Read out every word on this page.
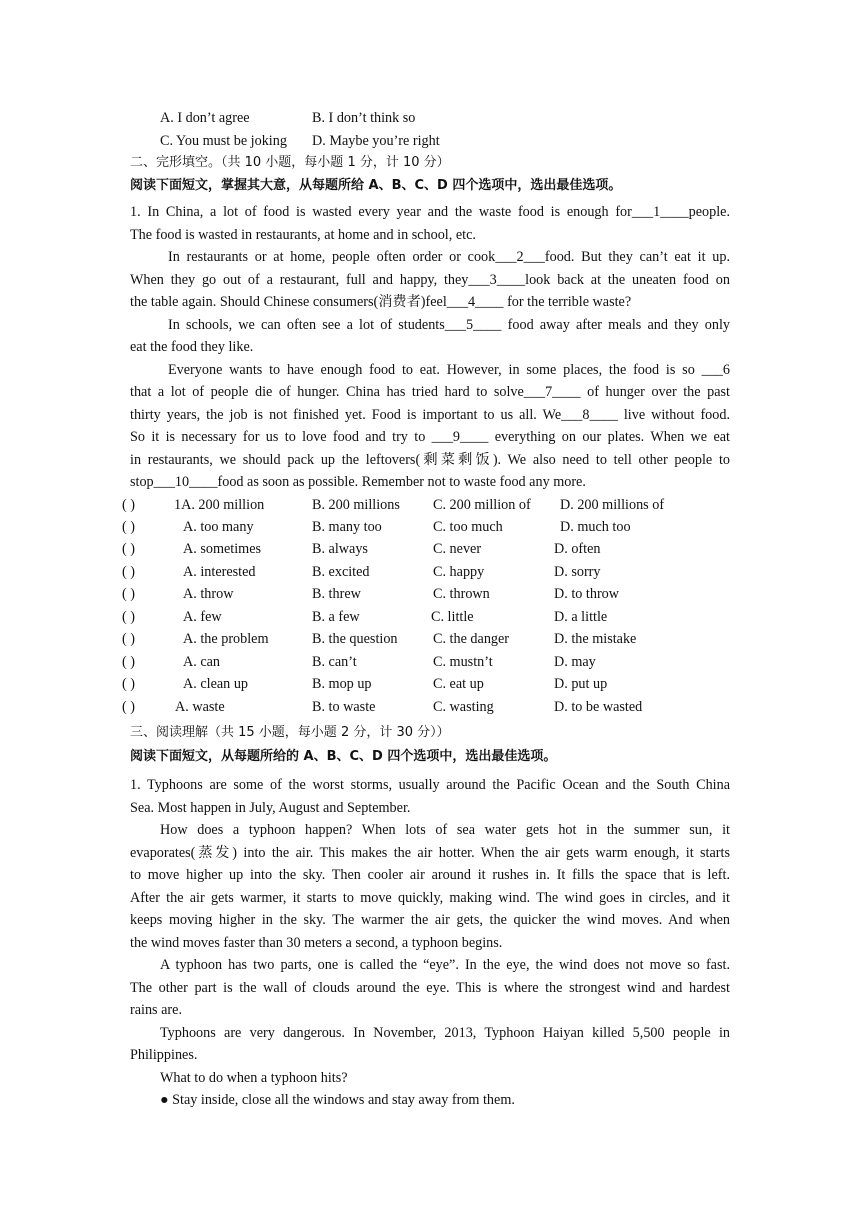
A. I don’t agree	B. I don’t think so
C. You must be joking D. Maybe you’re right
二、完形填空。（共 10 小题，每小题 1 分，计 10 分）
阅读下面短文，掌握其大意，从每题所给 A、B、C、D 四个选项中，选出最佳选项。
1. In China, a lot of food is wasted every year and the waste food is enough for___1____people.
The food is wasted in restaurants, at home and in school, etc.
In restaurants or at home, people often order or cook___2___food. But they can’t eat it up.
When they go out of a restaurant, full and happy, they___3____look back at the uneaten food on
the table again. Should Chinese consumers(消费者)feel___4____ for the terrible waste?
In schools, we can often see a lot of students___5____ food away after meals and they only
eat the food they like.
Everyone wants to have enough food to eat. However, in some places, the food is so ___6
that a lot of people die of hunger. China has tried hard to solve___7____ of hunger over the past
thirty years, the job is not finished yet. Food is important to us all. We___8____ live without food.
So it is necessary for us to love food and try to ___9____ everything on our plates. When we eat
in restaurants, we should pack up the leftovers(剩菜剩饭). We also need to tell other people to
stop___10____food as soon as possible. Remember not to waste food any more.
( )	1A. 200 million	B. 200 millions C. 200 million of D. 200 millions of
( )	A. too many	B. many too	C. too much	D. much too
( )	A. sometimes	B. always	C. never	D. often
( )	A. interested	B. excited	C. happy	D. sorry
( )	A. throw	B. threw	C. thrown	D. to throw
( )	A. few	B. a few	C. little	D. a little
( )	A. the problem	B. the question C. the danger	D. the mistake
( )	A. can	B. can’t	C. mustn’t	D. may
( )	A. clean up	B. mop up	C. eat up	D. put up
( )	A. waste	B. to waste	C. wasting	D. to be wasted
三、阅读理解（共 15 小题，每小题 2 分，计 30 分））
阅读下面短文，从每题所给的 A、B、C、D 四个选项中，选出最佳选项。
1. Typhoons are some of the worst storms, usually around the Pacific Ocean and the South China
Sea. Most happen in July, August and September.
How does a typhoon happen? When lots of sea water gets hot in the summer sun, it
evaporates(蒸发) into the air. This makes the air hotter. When the air gets warm enough, it starts
to move higher up into the sky. Then cooler air around it rushes in. It fills the space that is left.
After the air gets warmer, it starts to move quickly, making wind. The wind goes in circles, and it
keeps moving higher in the sky. The warmer the air gets, the quicker the wind moves. And when
the wind moves faster than 30 meters a second, a typhoon begins.
A typhoon has two parts, one is called the “eye”. In the eye, the wind does not move so fast.
The other part is the wall of clouds around the eye. This is where the strongest wind and hardest
rains are.
Typhoons are very dangerous. In November, 2013, Typhoon Haiyan killed 5,500 people in
Philippines.
What to do when a typhoon hits?
● Stay inside, close all the windows and stay away from them.
